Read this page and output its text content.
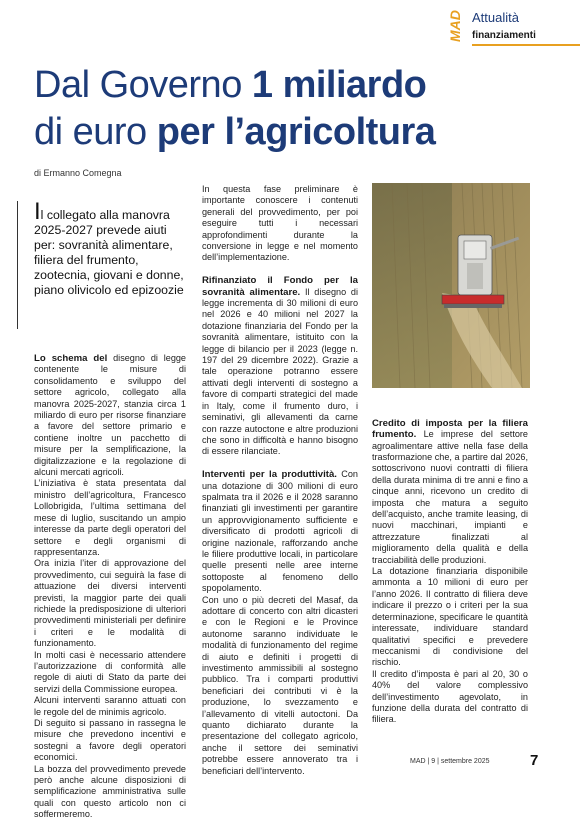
MAD Attualità
finanziamenti
Dal Governo 1 miliardo
di euro per l’agricoltura
di Ermanno Comegna
Il collegato alla manovra 2025-2027 prevede aiuti per: sovranità alimentare, filiera del frumento, zootecnia, giovani e donne, piano olivicolo ed epizoozie

Lo schema del disegno di legge contenente le misure di consolidamento e sviluppo del settore agricolo, collegato alla manovra 2025-2027, stanzia circa 1 miliardo di euro per risorse finanziare a favore del settore primario e contiene inoltre un pacchetto di misure per la semplificazione, la digitalizzazione e la regolazione di alcuni mercati agricoli.

L’iniziativa è stata presentata dal ministro dell’agricoltura, Francesco Lollobrigida, l’ultima settimana del mese di luglio, suscitando un ampio interesse da parte degli operatori del settore e degli organismi di rappresentanza.

Ora inizia l’iter di approvazione del provvedimento, cui seguirà la fase di attuazione dei diversi interventi previsti, la maggior parte dei quali richiede la predisposizione di ulteriori provvedimenti ministeriali per definire i criteri e le modalità di funzionamento.

In molti casi è necessario attendere l’autorizzazione di conformità alle regole di aiuti di Stato da parte dei servizi della Commissione europea.

Alcuni interventi saranno attuati con le regole del de minimis agricolo.

Di seguito si passano in rassegna le misure che prevedono incentivi e sostegni a favore degli operatori economici.

La bozza del provvedimento prevede però anche alcune disposizioni di semplificazione amministrativa sulle quali con questo articolo non ci soffermeremo.

In questa fase preliminare è importante conoscere i contenuti generali del provvedimento, per poi eseguire tutti i necessari approfondimenti durante la conversione in legge e nel momento dell’implementazione.

Rifinanziato il Fondo per la sovranità alimentare. Il disegno di legge incrementa di 30 milioni di euro nel 2026 e 40 milioni nel 2027 la dotazione finanziaria del Fondo per la sovranità alimentare, istituito con la legge di bilancio per il 2023 (legge n. 197 del 29 dicembre 2022). Grazie a tale operazione potranno essere attivati degli interventi di sostegno a favore di comparti strategici del made in Italy, come il frumento duro, i seminativi, gli allevamenti da carne con razze autoctone e altre produzioni che sono in difficoltà e hanno bisogno di essere rilanciate.

Interventi per la produttività. Con una dotazione di 300 milioni di euro spalmata tra il 2026 e il 2028 saranno finanziati gli investimenti per garantire un approvvigionamento sufficiente e diversificato di prodotti agricoli di origine nazionale, rafforzando anche le filiere produttive locali, in particolare quelle presenti nelle aree interne sottoposte al fenomeno dello spopolamento.

Con uno o più decreti del Masaf, da adottare di concerto con altri dicasteri e con le Regioni e le Province autonome saranno individuate le modalità di funzionamento del regime di aiuto e definiti i progetti di investimento ammissibili al sostegno pubblico. Tra i comparti produttivi beneficiari dei contributi vi è la produzione, lo svezzamento e l’allevamento di vitelli autoctoni. Da quanto dichiarato durante la presentazione del collegato agricolo, anche il settore dei seminativi potrebbe essere annoverato tra i beneficiari dell’intervento.

Credito di imposta per la filiera frumento. Le imprese del settore agroalimentare attive nella fase della trasformazione che, a partire dal 2026, sottoscrivono nuovi contratti di filiera della durata minima di tre anni e fino a cinque anni, ricevono un credito di imposta che matura a seguito dell’acquisto, anche tramite leasing, di nuovi macchinari, impianti e attrezzature finalizzati al miglioramento della qualità e della tracciabilità delle produzioni.

La dotazione finanziaria disponibile ammonta a 10 milioni di euro per l’anno 2026. Il contratto di filiera deve indicare il prezzo o i criteri per la sua determinazione, specificare le quantità interessate, individuare standard qualitativi specifici e prevedere meccanismi di condivisione del rischio.

Il credito d’imposta è pari al 20, 30 o 40% del valore complessivo dell’investimento agevolato, in funzione della durata del contratto di filiera.

MAD | 9 | settembre 2025	7
